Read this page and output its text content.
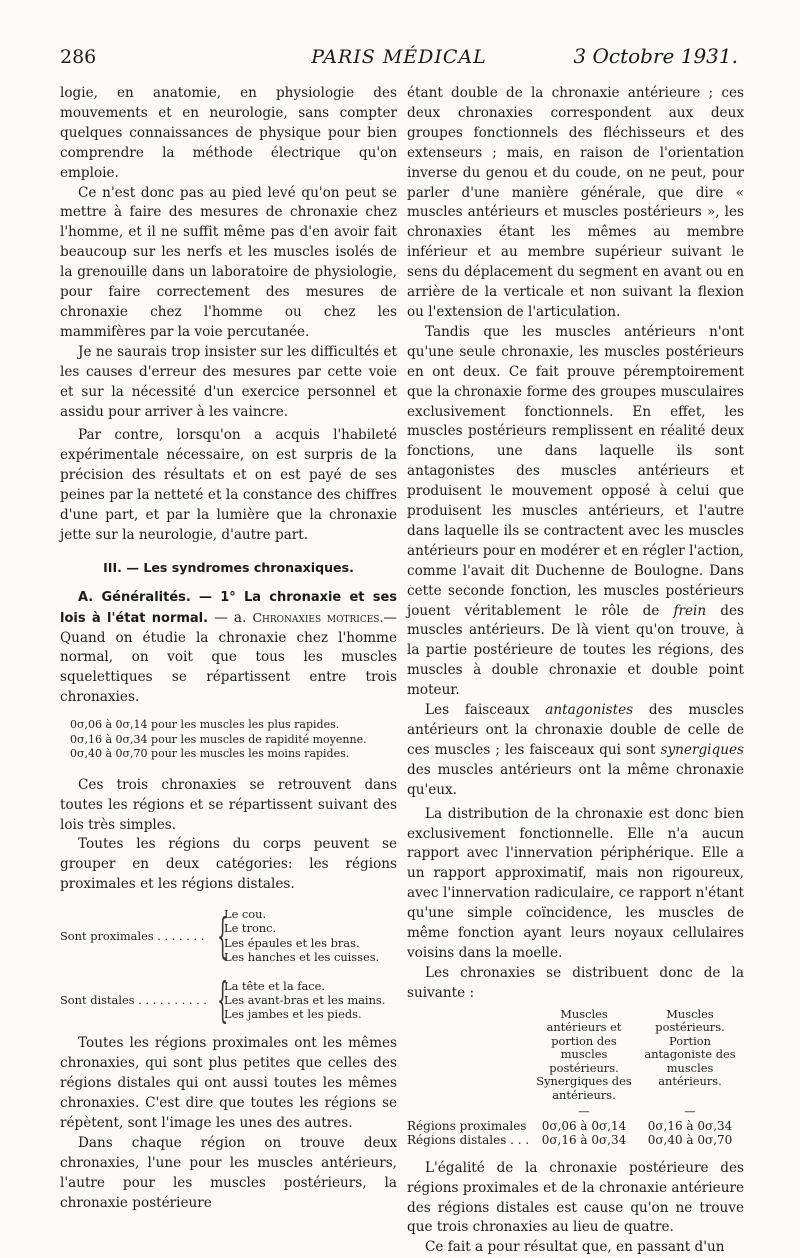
286	PARIS MÉDICAL	3 Octobre 1931.

logie, en anatomie, en physiologie des mouvements et en neurologie, sans compter quelques connaissances de physique pour bien comprendre la méthode électrique qu'on emploie.

Ce n'est donc pas au pied levé qu'on peut se mettre à faire des mesures de chronaxie chez l'homme, et il ne suffit même pas d'en avoir fait beaucoup sur les nerfs et les muscles isolés de la grenouille dans un laboratoire de physiologie, pour faire correctement des mesures de chronaxie chez l'homme ou chez les mammifères par la voie percutanée.

Je ne saurais trop insister sur les difficultés et les causes d'erreur des mesures par cette voie et sur la nécessité d'un exercice personnel et assidu pour arriver à les vaincre.

Par contre, lorsqu'on a acquis l'habileté expérimentale nécessaire, on est surpris de la précision des résultats et on est payé de ses peines par la netteté et la constance des chiffres d'une part, et par la lumière que la chronaxie jette sur la neurologie, d'autre part.

III. — Les syndromes chronaxiques.

A. Généralités. — 1° La chronaxie et ses lois à l'état normal. — a. Chronaxies motrices.—Quand on étudie la chronaxie chez l'homme normal, on voit que tous les muscles squelettiques se répartissent entre trois chronaxies.

0σ,06 à 0σ,14 pour les muscles les plus rapides.
0σ,16 à 0σ,34 pour les muscles de rapidité moyenne.
0σ,40 à 0σ,70 pour les muscles les moins rapides.

Ces trois chronaxies se retrouvent dans toutes les régions et se répartissent suivant des lois très simples.

Toutes les régions du corps peuvent se grouper en deux catégories: les régions proximales et les régions distales.

Sont proximales . . . . . . . {
Le cou.
Le tronc.
Les épaules et les bras.
Les hanches et les cuisses.
Sont distales . . . . . . . . . . {
La tête et la face.
Les avant-bras et les mains.
Les jambes et les pieds.

Toutes les régions proximales ont les mêmes chronaxies, qui sont plus petites que celles des régions distales qui ont aussi toutes les mêmes chronaxies. C'est dire que toutes les régions se répètent, sont l'image les unes des autres.

Dans chaque région on trouve deux chronaxies, l'une pour les muscles antérieurs, l'autre pour les muscles postérieurs, la chronaxie postérieure

étant double de la chronaxie antérieure ; ces deux chronaxies correspondent aux deux groupes fonctionnels des fléchisseurs et des extenseurs ; mais, en raison de l'orientation inverse du genou et du coude, on ne peut, pour parler d'une manière générale, que dire « muscles antérieurs et muscles postérieurs », les chronaxies étant les mêmes au membre inférieur et au membre supérieur suivant le sens du déplacement du segment en avant ou en arrière de la verticale et non suivant la flexion ou l'extension de l'articulation.

Tandis que les muscles antérieurs n'ont qu'une seule chronaxie, les muscles postérieurs en ont deux. Ce fait prouve péremptoirement que la chronaxie forme des groupes musculaires exclusivement fonctionnels. En effet, les muscles postérieurs remplissent en réalité deux fonctions, une dans laquelle ils sont antagonistes des muscles antérieurs et produisent le mouvement opposé à celui que produisent les muscles antérieurs, et l'autre dans laquelle ils se contractent avec les muscles antérieurs pour en modérer et en régler l'action, comme l'avait dit Duchenne de Boulogne. Dans cette seconde fonction, les muscles postérieurs jouent véritablement le rôle de frein des muscles antérieurs. De là vient qu'on trouve, à la partie postérieure de toutes les régions, des muscles à double chronaxie et double point moteur.

Les faisceaux antagonistes des muscles antérieurs ont la chronaxie double de celle de ces muscles ; les faisceaux qui sont synergiques des muscles antérieurs ont la même chronaxie qu'eux.

La distribution de la chronaxie est donc bien exclusivement fonctionnelle. Elle n'a aucun rapport avec l'innervation périphérique. Elle a un rapport approximatif, mais non rigoureux, avec l'innervation radiculaire, ce rapport n'étant qu'une simple coïncidence, les muscles de même fonction ayant leurs noyaux cellulaires voisins dans la moelle.

Les chronaxies se distribuent donc de la suivante :

Muscles antérieurs et portion des muscles postérieurs. Synergiques des antérieurs.
Muscles postérieurs. Portion antagoniste des muscles antérieurs.
—	—
Régions proximales	0σ,06 à 0σ,14	0σ,16 à 0σ,34
Régions distales . . .	0σ,16 à 0σ,34	0σ,40 à 0σ,70

L'égalité de la chronaxie postérieure des régions proximales et de la chronaxie antérieure des régions distales est cause qu'on ne trouve que trois chronaxies au lieu de quatre.

Ce fait a pour résultat que, en passant d'un
